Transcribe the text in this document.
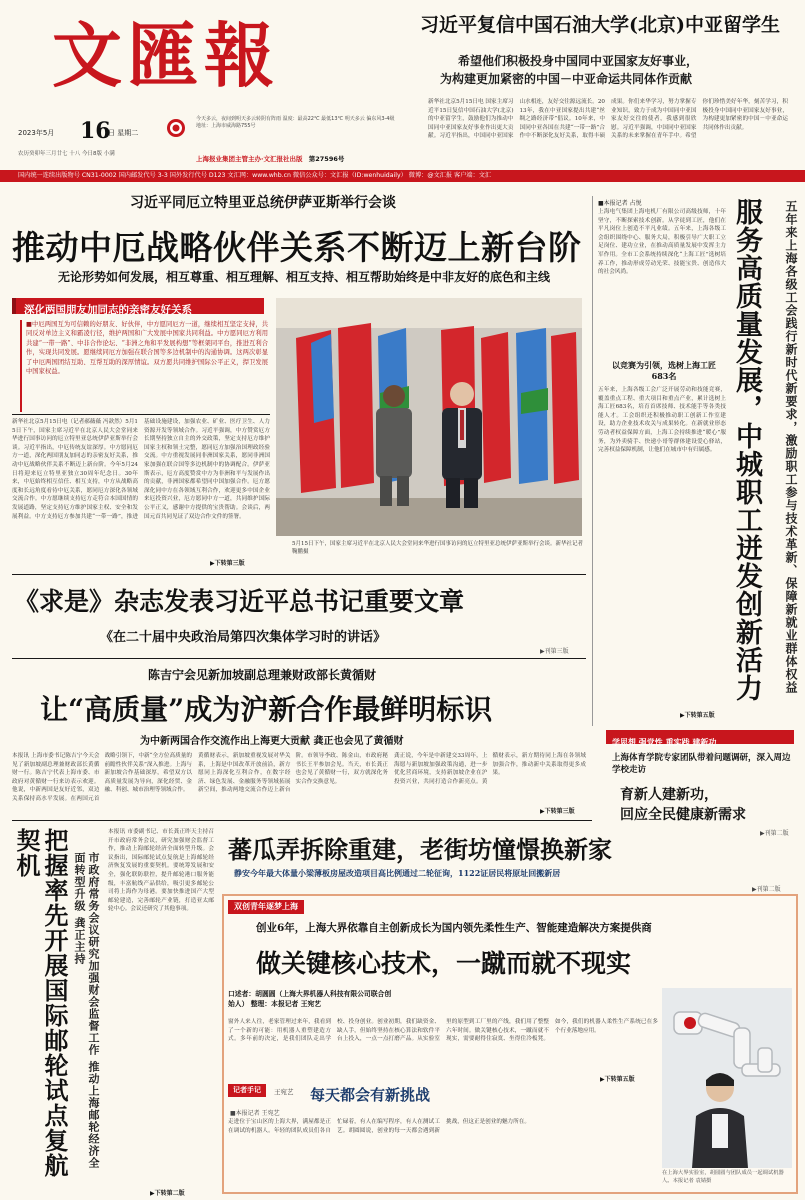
文匯報
2023年5月 16
日 星期二
农历癸卯年三月廿七 十八 今日8版 小满
今天多云，夜间到明天多云转阴有阵雨 温度：最高22℃ 最低13℃ 明天多云 偏东风3-4级 地址：上海市威海路755号
上海报业集团主管主办·文汇报社出版 第27596号
习近平复信中国石油大学(北京)中亚留学生
希望他们积极投身中国同中亚国家友好事业，
为构建更加紧密的中国－中亚命运共同体作贡献
新华社北京5月15日电 国家主席习近平15日复信中国石油大学(北京)的中亚留学生，鼓励他们为推动中国同中亚国家友好事业作出更大贡献。习近平指出，中国同中亚国家山水相连，友好交往源远流长。2013年，我在中亚国家提出共建“丝绸之路经济带”倡议。10年来，中国同中亚各国在共建“一带一路”合作中不断深化友好关系，取得丰硕成果。你们来华学习，努力掌握专业知识，致力于成为中国同中亚国家友好交往的使者，我感到很欣慰。习近平强调，中国同中亚国家关系的未来掌握在青年手中。希望你们珍惜美好年华，刻苦学习，积极投身中国同中亚国家友好事业，为构建更加紧密的中国－中亚命运共同体作出贡献。
国内统一连续出版物号 CN31-0002 国内邮发代号 3-3 国外发行代号 D123 文汇网：www.whb.cn 微信公众号：文汇报（ID:wenhuidaily） 微博：@文汇报 客户端：文汇
习近平同厄立特里亚总统伊萨亚斯举行会谈
推动中厄战略伙伴关系不断迈上新台阶
无论形势如何发展，相互尊重、相互理解、相互支持、相互帮助始终是中非友好的底色和主线
深化两国朋友加同志的亲密友好关系
■中厄两国互为可信赖的好朋友、好伙伴，中方愿同厄方一道，继续相互坚定支持，共同反对单边主义和霸凌行径，维护两国和广大发展中国家共同利益。中方愿同厄方利用共建“一带一路”、中非合作论坛、“非洲之角和平发展构想”等框架同平台，推进互利合作，实现共同发展。愿继续同厄方加强在联合国等多边机制中的沟通协调。这两次彰显了中厄两国团结互助、互帮互助的深厚情谊。双方愿共同维护国际公平正义，捍卫发展中国家权益。
新华社北京5月15日电（记者郝薇薇 冯歆然）5月15日下午，国家主席习近平在北京人民大会堂同来华进行国事访问的厄立特里亚总统伊萨亚斯举行会谈。习近平指出，中厄传统友谊深厚。中方愿同厄方一道，深化两国朋友加同志的亲密友好关系，推动中厄战略伙伴关系不断迈上新台阶。今年5月24日将迎来厄立特里亚独立30周年纪念日。30年来，中厄始终相互信任、相互支持，中方从战略高度和长远角度看待中厄关系，愿同厄方深化各领域交流合作。中方愿继续支持厄方走符合本国国情的发展道路，坚定支持厄方维护国家主权、安全和发展利益。中方支持厄方参加共建“一带一路”，推进基础设施建设，加强农业、矿业、医疗卫生、人力资源开发等领域合作。习近平强调，中方赞赏厄方长期坚持独立自主的外交政策，坚定支持厄方维护国家主权和领土完整，愿同厄方加强治国理政经验交流。中方重视发展同非洲国家关系，愿同非洲国家加强在联合国等多边机制中的协调配合。伊萨亚斯表示，厄方高度赞赏中方为非洲和平与发展作出的贡献，非洲国家都希望同中国加强合作。厄方愿深化同中方在各领域互利合作，欢迎更多中国企业来厄投资兴业，厄方愿同中方一道，共同维护国际公平正义，感谢中方提供的宝贵帮助。会谈后，两国元首共同见证了双边合作文件的签署。
5月15日下午，国家主席习近平在北京人民大会堂同来华进行国事访问的厄立特里亚总统伊萨亚斯举行会谈。新华社记者 鞠鹏摄
▶下转第三版
■本报记者 占悦
上海电气集团上海电机厂有限公司高级技师，十年坚守，不断探索技术创新。从学徒到工匠，他们在平凡岗位上创造不平凡业绩。五年来，上海各级工会组织围绕中心、服务大局，积极引导广大职工立足岗位、建功立业，在推动高质量发展中发挥主力军作用。全市工会系统持续深化“上海工匠”选树培养工作，推动形成劳动光荣、技能宝贵、创造伟大的社会风尚。
以竞赛为引领，选树上海工匠683名
五年来，上海各级工会广泛开展劳动和技能竞赛，覆盖重点工程、重大项目和重点产业，累计选树上海工匠683名，培育首席技师、技术能手等各类技能人才。工会组织还积极推动职工创新工作室建设，助力企业技术攻关与成果转化。在新就业形态劳动者权益保障方面，上海工会持续推进“暖心”服务，为外卖骑手、快递小哥等群体建设爱心驿站，完善权益保障机制，让他们在城市中有归属感。
▶下转第五版
服务高质量发展，中城职工迸发创新活力	五年来上海各级工会践行新时代新要求，激励职工参与技术革新、保障新就业群体权益
《求是》杂志发表习近平总书记重要文章
《在二十届中央政治局第四次集体学习时的讲话》
▶刊第三版
陈吉宁会见新加坡副总理兼财政部长黄循财
让“高质量”成为沪新合作最鲜明标识
为中新两国合作交流作出上海更大贡献 龚正也会见了黄循财
本报讯 上海市委书记陈吉宁今天会见了新加坡副总理兼财政部长黄循财一行。陈吉宁代表上海市委、市政府对黄循财一行来访表示欢迎。他说，中新两国是友好近邻，双边关系保持高水平发展。在两国元首战略引领下，中新“全方位高质量的前瞻性伙伴关系”深入推进。上海与新加坡合作基础深厚，希望双方以高质量发展为导向，深化经贸、金融、科创、城市治理等领域合作。
黄循财表示，新加坡重视发展对华关系，上海是中国改革开放前沿，新方愿同上海深化互利合作，在数字经济、绿色发展、金融服务等领域拓展新空间，推动两地交流合作迈上新台阶。市领导李政、陈金山，市政府秘书长王平参加会见。当天，市长龚正也会见了黄循财一行，双方就深化务实合作交换意见。
龚正说，今年是中新建交33周年，上海愿与新加坡加强政策沟通，进一步优化营商环境，支持新加坡企业在沪投资兴业，共同打造合作新亮点。黄循财表示，新方期待同上海在各领域加强合作，推动新中关系取得更多成果。
▶下转第三版
学思想 强党性 重实践 建新功
上海体育学院专家团队带着问题调研，深入周边学校走访
育新人建新功，
回应全民健康新需求
▶刊第二版
把握率先开展国际邮轮试点复航契机	市政府常务会议研究加强财会监督工作 推动上海邮轮经济全面转型升级 龚正主持
本报讯 市委副书记、市长龚正昨天主持召开市政府常务会议，研究加强财会监督工作，推动上海邮轮经济全面转型升级。会议指出，国际邮轮试点复航是上海邮轮经济恢复发展的重要契机。要统筹发展和安全，强化联防联控，提升邮轮港口服务能级，丰富航线产品供给，吸引更多邮轮公司将上海作为母港。要加快推进国产大型邮轮建造，完善邮轮产业链，打造亚太邮轮中心。会议还研究了其他事项。
▶下转第二版
蕃瓜弄拆除重建，老街坊憧憬换新家
静安今年最大体量小梁薄板房屋改造项目高比例通过二轮征询，1122证居民将原址回搬新居
▶刊第二版
双创青年逐梦上海
创业6年，上海大界依靠自主创新成长为国内领先柔性生产、智能建造解决方案提供商
做关键核心技术，一蹴而就不现实
口述者：胡圆圆（上海大界机器人科技有限公司联合创始人） 整理：本报记者 王宛艺
窗外人来人往，老家管理过来年，我看到了一个新的可能：用机器人重塑建造方式。多年前的决定，是我们团队走出学校、投身创业。创业初期，我们缺资金、缺人手，但始终坚持在核心算法和软件平台上投入，一点一点打磨产品。从实验室里的原型到工厂里的产线，我们用了整整六年时间。做关键核心技术，一蹴而就不现实，需要耐得住寂寞、坐得住冷板凳。如今，我们的机器人柔性生产系统已在多个行业落地应用。
记者手记	王宛艺 每天都会有新挑战
■本报记者 王宛艺
走进位于宝山区的上海大界，满屋都是正在调试的机器人。年轻的团队成员们各自忙碌着，有人在编写程序，有人在测试工艺。胡圆圆说，创业的每一天都会遇到新挑战，但这正是创业的魅力所在。
在上海大界实验室，胡圆圆与团队成员一起调试机器人。本报记者 袁婧摄
▶下转第五版
